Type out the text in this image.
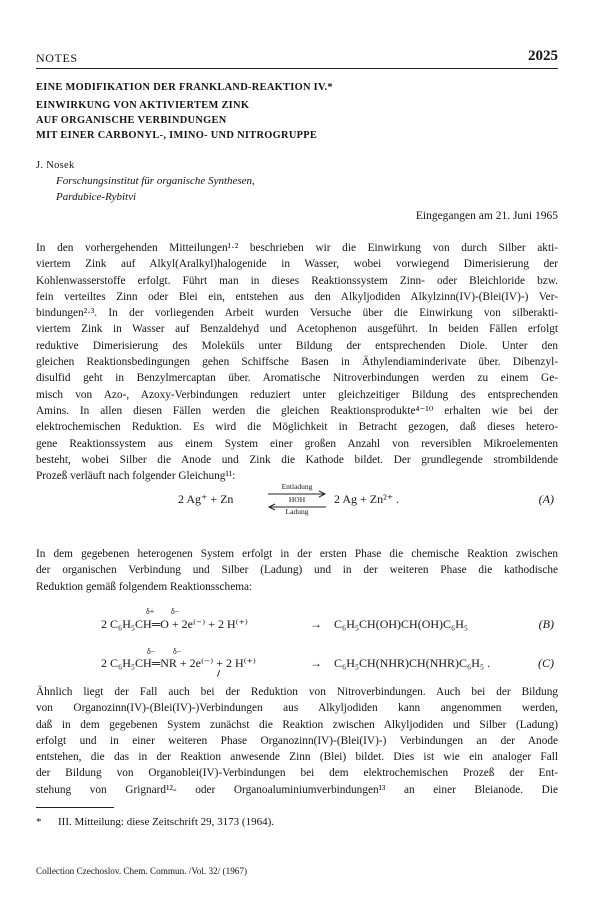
NOTES	2025
EINE MODIFIKATION DER FRANKLAND-REAKTION IV.*
EINWIRKUNG VON AKTIVIERTEM ZINK
AUF ORGANISCHE VERBINDUNGEN
MIT EINER CARBONYL-, IMINO- UND NITROGRUPPE
J. Nosek
Forschungsinstitut für organische Synthesen,
Pardubice-Rybitvi
Eingegangen am 21. Juni 1965
In den vorhergehenden Mitteilungen¹·² beschrieben wir die Einwirkung von durch Silber akti-
viertem Zink auf Alkyl(Aralkyl)halogenide in Wasser, wobei vorwiegend Dimerisierung der
Kohlenwasserstoffe erfolgt. Führt man in dieses Reaktionssystem Zinn- oder Bleichloride bzw.
fein verteiltes Zinn oder Blei ein, entstehen aus den Alkyljodiden Alkylzinn(IV)-(Blei(IV)-) Ver-
bindungen²·³. In der vorliegenden Arbeit wurden Versuche über die Einwirkung von silberakti-
viertem Zink in Wasser auf Benzaldehyd und Acetophenon ausgeführt. In beiden Fällen erfolgt
reduktive Dimerisierung des Moleküls unter Bildung der entsprechenden Diole. Unter den
gleichen Reaktionsbedingungen gehen Schiffsche Basen in Äthylendiaminderivate über. Dibenzyl-
disulfid geht in Benzylmercaptan über. Aromatische Nitroverbindungen werden zu einem Ge-
misch von Azo-, Azoxy-Verbindungen reduziert unter gleichzeitiger Bildung des entsprechenden
Amins. In allen diesen Fällen werden die gleichen Reaktionsprodukte⁴⁻¹⁰ erhalten wie bei der
elektrochemischen Reduktion. Es wird die Möglichkeit in Betracht gezogen, daß dieses hetero-
gene Reaktionssystem aus einem System einer großen Anzahl von reversiblen Mikroelementen
besteht, wobei Silber die Anode und Zink die Kathode bildet. Der grundlegende strombildende
Prozeß verläuft nach folgender Gleichung¹¹:
2 Ag⁺ + Zn
Entladung
HOH
Ladung
2 Ag + Zn²⁺ .	(A)
In dem gegebenen heterogenen System erfolgt in der ersten Phase die chemische Reaktion zwischen
der organischen Verbindung und Silber (Ladung) und in der weiteren Phase die kathodische
Reduktion gemäß folgendem Reaktionsschema:
δ+ δ−
2 C₆H₅CH═O + 2e⁽⁻⁾ + 2 H⁽⁺⁾	→ C₆H₅CH(OH)CH(OH)C₆H₅	(B)
δ− δ−
2 C₆H₅CH═NR + 2e⁽⁻⁾ + 2 H⁽⁺⁾	→ C₆H₅CH(NHR)CH(NHR)C₆H₅ .	(C)
Ähnlich liegt der Fall auch bei der Reduktion von Nitroverbindungen. Auch bei der Bildung
von Organozinn(IV)-(Blei(IV)-)Verbindungen aus Alkyljodiden kann angenommen werden,
daß in dem gegebenen System zunächst die Reaktion zwischen Alkyljodiden und Silber (Ladung)
erfolgt und in einer weiteren Phase Organozinn(IV)-(Blei(IV)-) Verbindungen an der Anode
entstehen, die das in der Reaktion anwesende Zinn (Blei) bildet. Dies ist wie ein analoger Fall
der Bildung von Organoblei(IV)-Verbindungen bei dem elektrochemischen Prozeß der Ent-
stehung von Grignard¹²- oder Organoaluminiumverbindungen¹³ an einer Bleianode. Die
*      III. Mitteilung: diese Zeitschrift 29, 3173 (1964).
Collection Czechoslov. Chem. Commun. /Vol. 32/ (1967)
